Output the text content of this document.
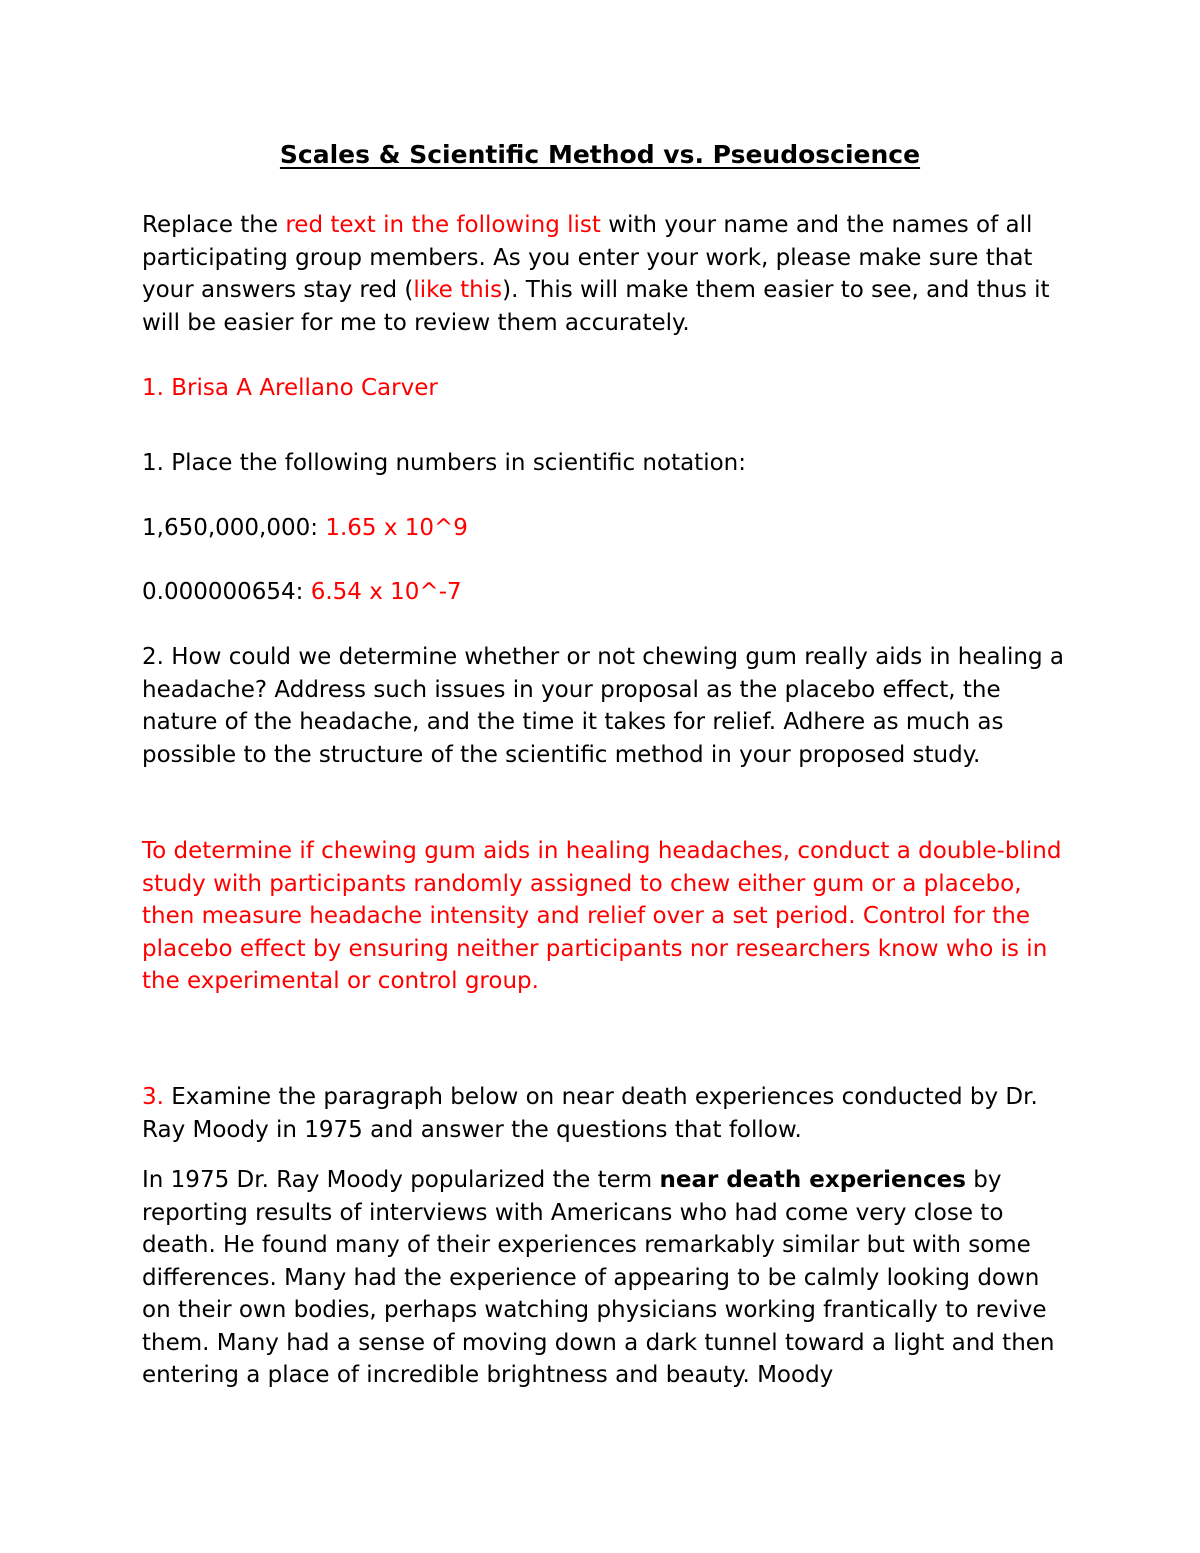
Scales & Scientific Method vs. Pseudoscience

Replace the red text in the following list with your name and the names of all participating group members. As you enter your work, please make sure that your answers stay red (like this). This will make them easier to see, and thus it will be easier for me to review them accurately.

1. Brisa A Arellano Carver

1. Place the following numbers in scientific notation:

1,650,000,000: 1.65 x 10^9

0.000000654: 6.54 x 10^-7

2. How could we determine whether or not chewing gum really aids in healing a headache? Address such issues in your proposal as the placebo effect, the nature of the headache, and the time it takes for relief. Adhere as much as possible to the structure of the scientific method in your proposed study.

To determine if chewing gum aids in healing headaches, conduct a double-blind study with participants randomly assigned to chew either gum or a placebo, then measure headache intensity and relief over a set period. Control for the placebo effect by ensuring neither participants nor researchers know who is in the experimental or control group.

3. Examine the paragraph below on near death experiences conducted by Dr. Ray Moody in 1975 and answer the questions that follow.

In 1975 Dr. Ray Moody popularized the term near death experiences by reporting results of interviews with Americans who had come very close to death. He found many of their experiences remarkably similar but with some differences. Many had the experience of appearing to be calmly looking down on their own bodies, perhaps watching physicians working frantically to revive them. Many had a sense of moving down a dark tunnel toward a light and then entering a place of incredible brightness and beauty. Moody
